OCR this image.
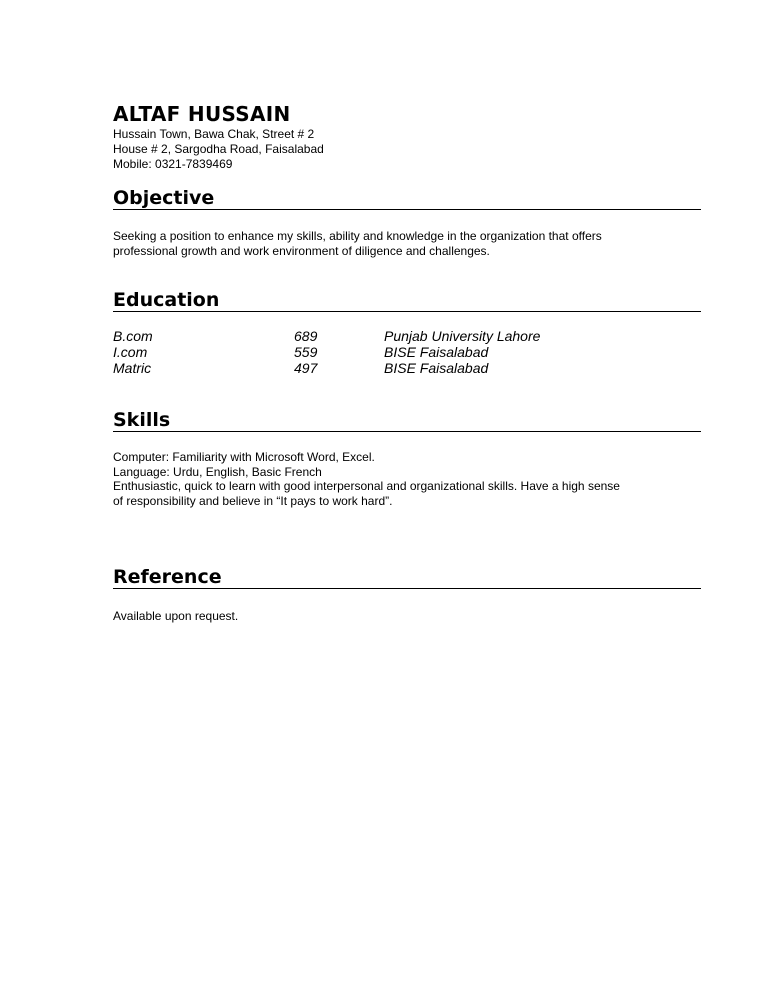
ALTAF HUSSAIN

Hussain Town, Bawa Chak, Street # 2

House # 2, Sargodha Road, Faisalabad

Mobile: 0321-7839469

Objective

Seeking a position to enhance my skills, ability and knowledge in the organization that offers

professional growth and work environment of diligence and challenges.

Education
B.com	689	Punjab University Lahore
I.com	559	BISE Faisalabad
Matric	497	BISE Faisalabad
Skills

Computer: Familiarity with Microsoft Word, Excel.

Language: Urdu, English, Basic French

Enthusiastic, quick to learn with good interpersonal and organizational skills. Have a high sense

of responsibility and believe in “It pays to work hard”.

Reference

Available upon request.
